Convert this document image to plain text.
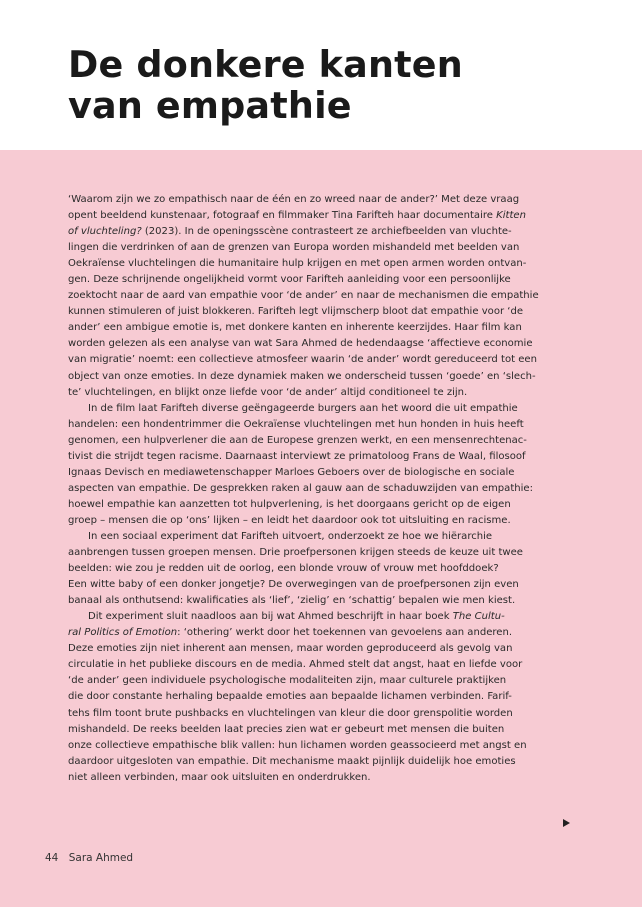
De donkere kanten
van empathie
‘Waarom zijn we zo empathisch naar de één en zo wreed naar de ander?’ Met deze vraag
opent beeldend kunstenaar, fotograaf en filmmaker Tina Farifteh haar documentaire Kitten
of vluchteling? (2023). In de openingsscène contrasteert ze archiefbeelden van vluchte-
lingen die verdrinken of aan de grenzen van Europa worden mishandeld met beelden van
Oekraïense vluchtelingen die humanitaire hulp krijgen en met open armen worden ontvan-
gen. Deze schrijnende ongelijkheid vormt voor Farifteh aanleiding voor een persoonlijke
zoektocht naar de aard van empathie voor ‘de ander’ en naar de mechanismen die empathie
kunnen stimuleren of juist blokkeren. Farifteh legt vlijmscherp bloot dat empathie voor ‘de
ander’ een ambigue emotie is, met donkere kanten en inherente keerzijdes. Haar film kan
worden gelezen als een analyse van wat Sara Ahmed de hedendaagse ‘affectieve economie
van migratie’ noemt: een collectieve atmosfeer waarin ‘de ander’ wordt gereduceerd tot een
object van onze emoties. In deze dynamiek maken we onderscheid tussen ‘goede’ en ‘slech-
te’ vluchtelingen, en blijkt onze liefde voor ‘de ander’ altijd conditioneel te zijn.
In de film laat Farifteh diverse geëngageerde burgers aan het woord die uit empathie
handelen: een hondentrimmer die Oekraïense vluchtelingen met hun honden in huis heeft
genomen, een hulpverlener die aan de Europese grenzen werkt, en een mensenrechtenac-
tivist die strijdt tegen racisme. Daarnaast interviewt ze primatoloog Frans de Waal, filosoof
Ignaas Devisch en mediawetenschapper Marloes Geboers over de biologische en sociale
aspecten van empathie. De gesprekken raken al gauw aan de schaduwzijden van empathie:
hoewel empathie kan aanzetten tot hulpverlening, is het doorgaans gericht op de eigen
groep – mensen die op ‘ons’ lijken – en leidt het daardoor ook tot uitsluiting en racisme.
In een sociaal experiment dat Farifteh uitvoert, onderzoekt ze hoe we hiërarchie
aanbrengen tussen groepen mensen. Drie proefpersonen krijgen steeds de keuze uit twee
beelden: wie zou je redden uit de oorlog, een blonde vrouw of vrouw met hoofddoek?
Een witte baby of een donker jongetje? De overwegingen van de proefpersonen zijn even
banaal als onthutsend: kwalificaties als ‘lief’, ‘zielig’ en ‘schattig’ bepalen wie men kiest.
Dit experiment sluit naadloos aan bij wat Ahmed beschrijft in haar boek The Cultu-
ral Politics of Emotion: ‘othering’ werkt door het toekennen van gevoelens aan anderen.
Deze emoties zijn niet inherent aan mensen, maar worden geproduceerd als gevolg van
circulatie in het publieke discours en de media. Ahmed stelt dat angst, haat en liefde voor
‘de ander’ geen individuele psychologische modaliteiten zijn, maar culturele praktijken
die door constante herhaling bepaalde emoties aan bepaalde lichamen verbinden. Farif-
tehs film toont brute pushbacks en vluchtelingen van kleur die door grenspolitie worden
mishandeld. De reeks beelden laat precies zien wat er gebeurt met mensen die buiten
onze collectieve empathische blik vallen: hun lichamen worden geassocieerd met angst en
daardoor uitgesloten van empathie. Dit mechanisme maakt pijnlijk duidelijk hoe emoties
niet alleen verbinden, maar ook uitsluiten en onderdrukken.
44 Sara Ahmed
